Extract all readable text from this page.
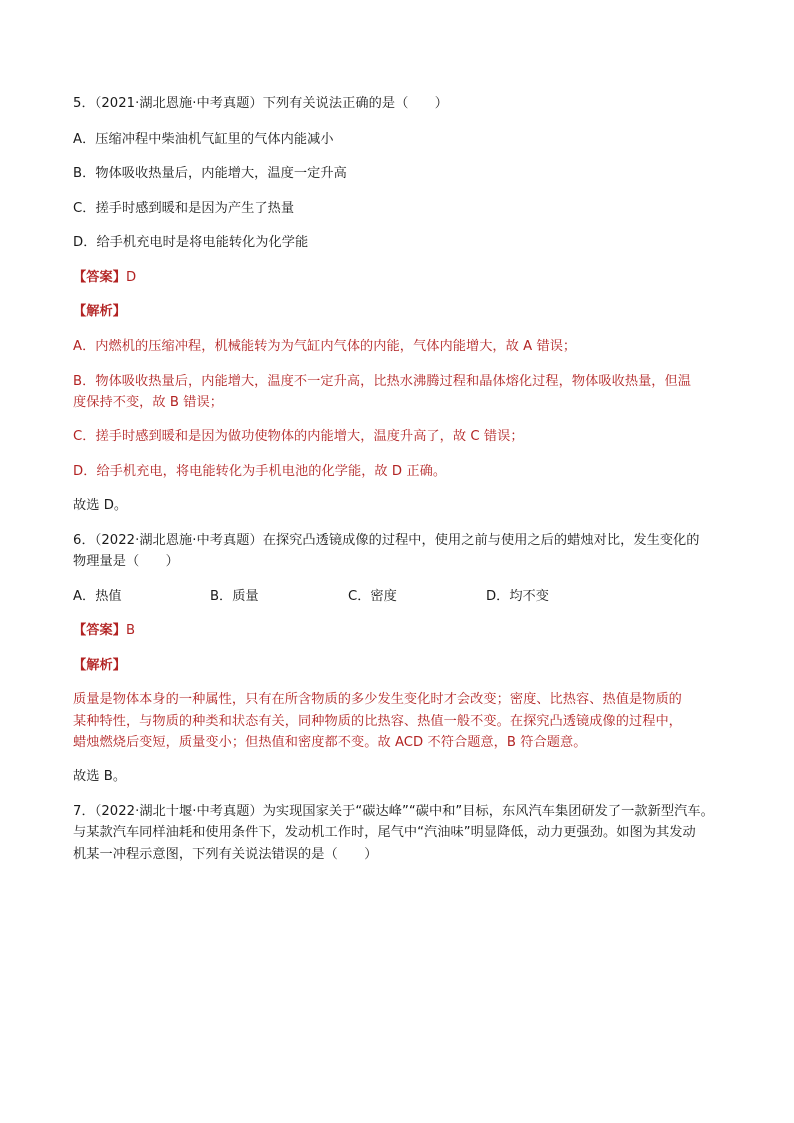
5．（2021·湖北恩施·中考真题）下列有关说法正确的是（　　）
A．压缩冲程中柴油机气缸里的气体内能减小
B．物体吸收热量后，内能增大，温度一定升高
C．搓手时感到暖和是因为产生了热量
D．给手机充电时是将电能转化为化学能
【答案】D
【解析】
A．内燃机的压缩冲程，机械能转为为气缸内气体的内能，气体内能增大，故 A 错误；
B．物体吸收热量后，内能增大，温度不一定升高，比热水沸腾过程和晶体熔化过程，物体吸收热量，但温
度保持不变，故 B 错误；
C．搓手时感到暖和是因为做功使物体的内能增大，温度升高了，故 C 错误；
D．给手机充电，将电能转化为手机电池的化学能，故 D 正确。
故选 D。
6．（2022·湖北恩施·中考真题）在探究凸透镜成像的过程中，使用之前与使用之后的蜡烛对比，发生变化的
物理量是（　　）
A．热值	B．质量	C．密度	D．均不变
【答案】B
【解析】
质量是物体本身的一种属性，只有在所含物质的多少发生变化时才会改变；密度、比热容、热值是物质的
某种特性，与物质的种类和状态有关，同种物质的比热容、热值一般不变。在探究凸透镜成像的过程中，
蜡烛燃烧后变短，质量变小；但热值和密度都不变。故 ACD 不符合题意，B 符合题意。
故选 B。
7．（2022·湖北十堰·中考真题）为实现国家关于“碳达峰”“碳中和”目标，东风汽车集团研发了一款新型汽车。
与某款汽车同样油耗和使用条件下，发动机工作时，尾气中“汽油味”明显降低，动力更强劲。如图为其发动
机某一冲程示意图，下列有关说法错误的是（　　）
